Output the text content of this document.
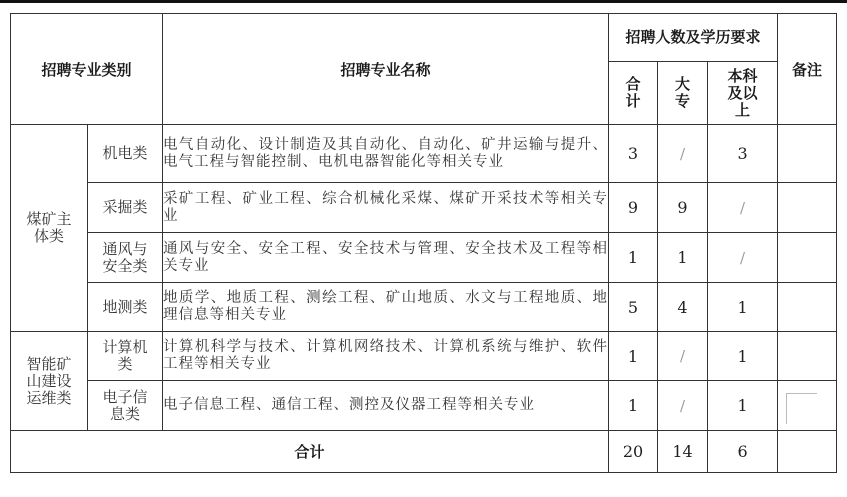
招聘专业类别		招聘专业名称	招聘人数及学历要求			备注
			合计	大专	本科及以上	
煤矿主体类	机电类	电气自动化、设计制造及其自动化、自动化、矿井运输与提升、电气工程与智能控制、电机电器智能化等相关专业	3	/	3	
	采掘类	采矿工程、矿业工程、综合机械化采煤、煤矿开采技术等相关专业	9	9	/	
	通风与安全类	通风与安全、安全工程、安全技术与管理、安全技术及工程等相关专业	1	1	/	
	地测类	地质学、地质工程、测绘工程、矿山地质、水文与工程地质、地理信息等相关专业	5	4	1	
智能矿山建设运维类	计算机类	计算机科学与技术、计算机网络技术、计算机系统与维护、软件工程等相关专业	1	/	1	
	电子信息类	电子信息工程、通信工程、测控及仪器工程等相关专业	1	/	1	

合计			20	14	6	
